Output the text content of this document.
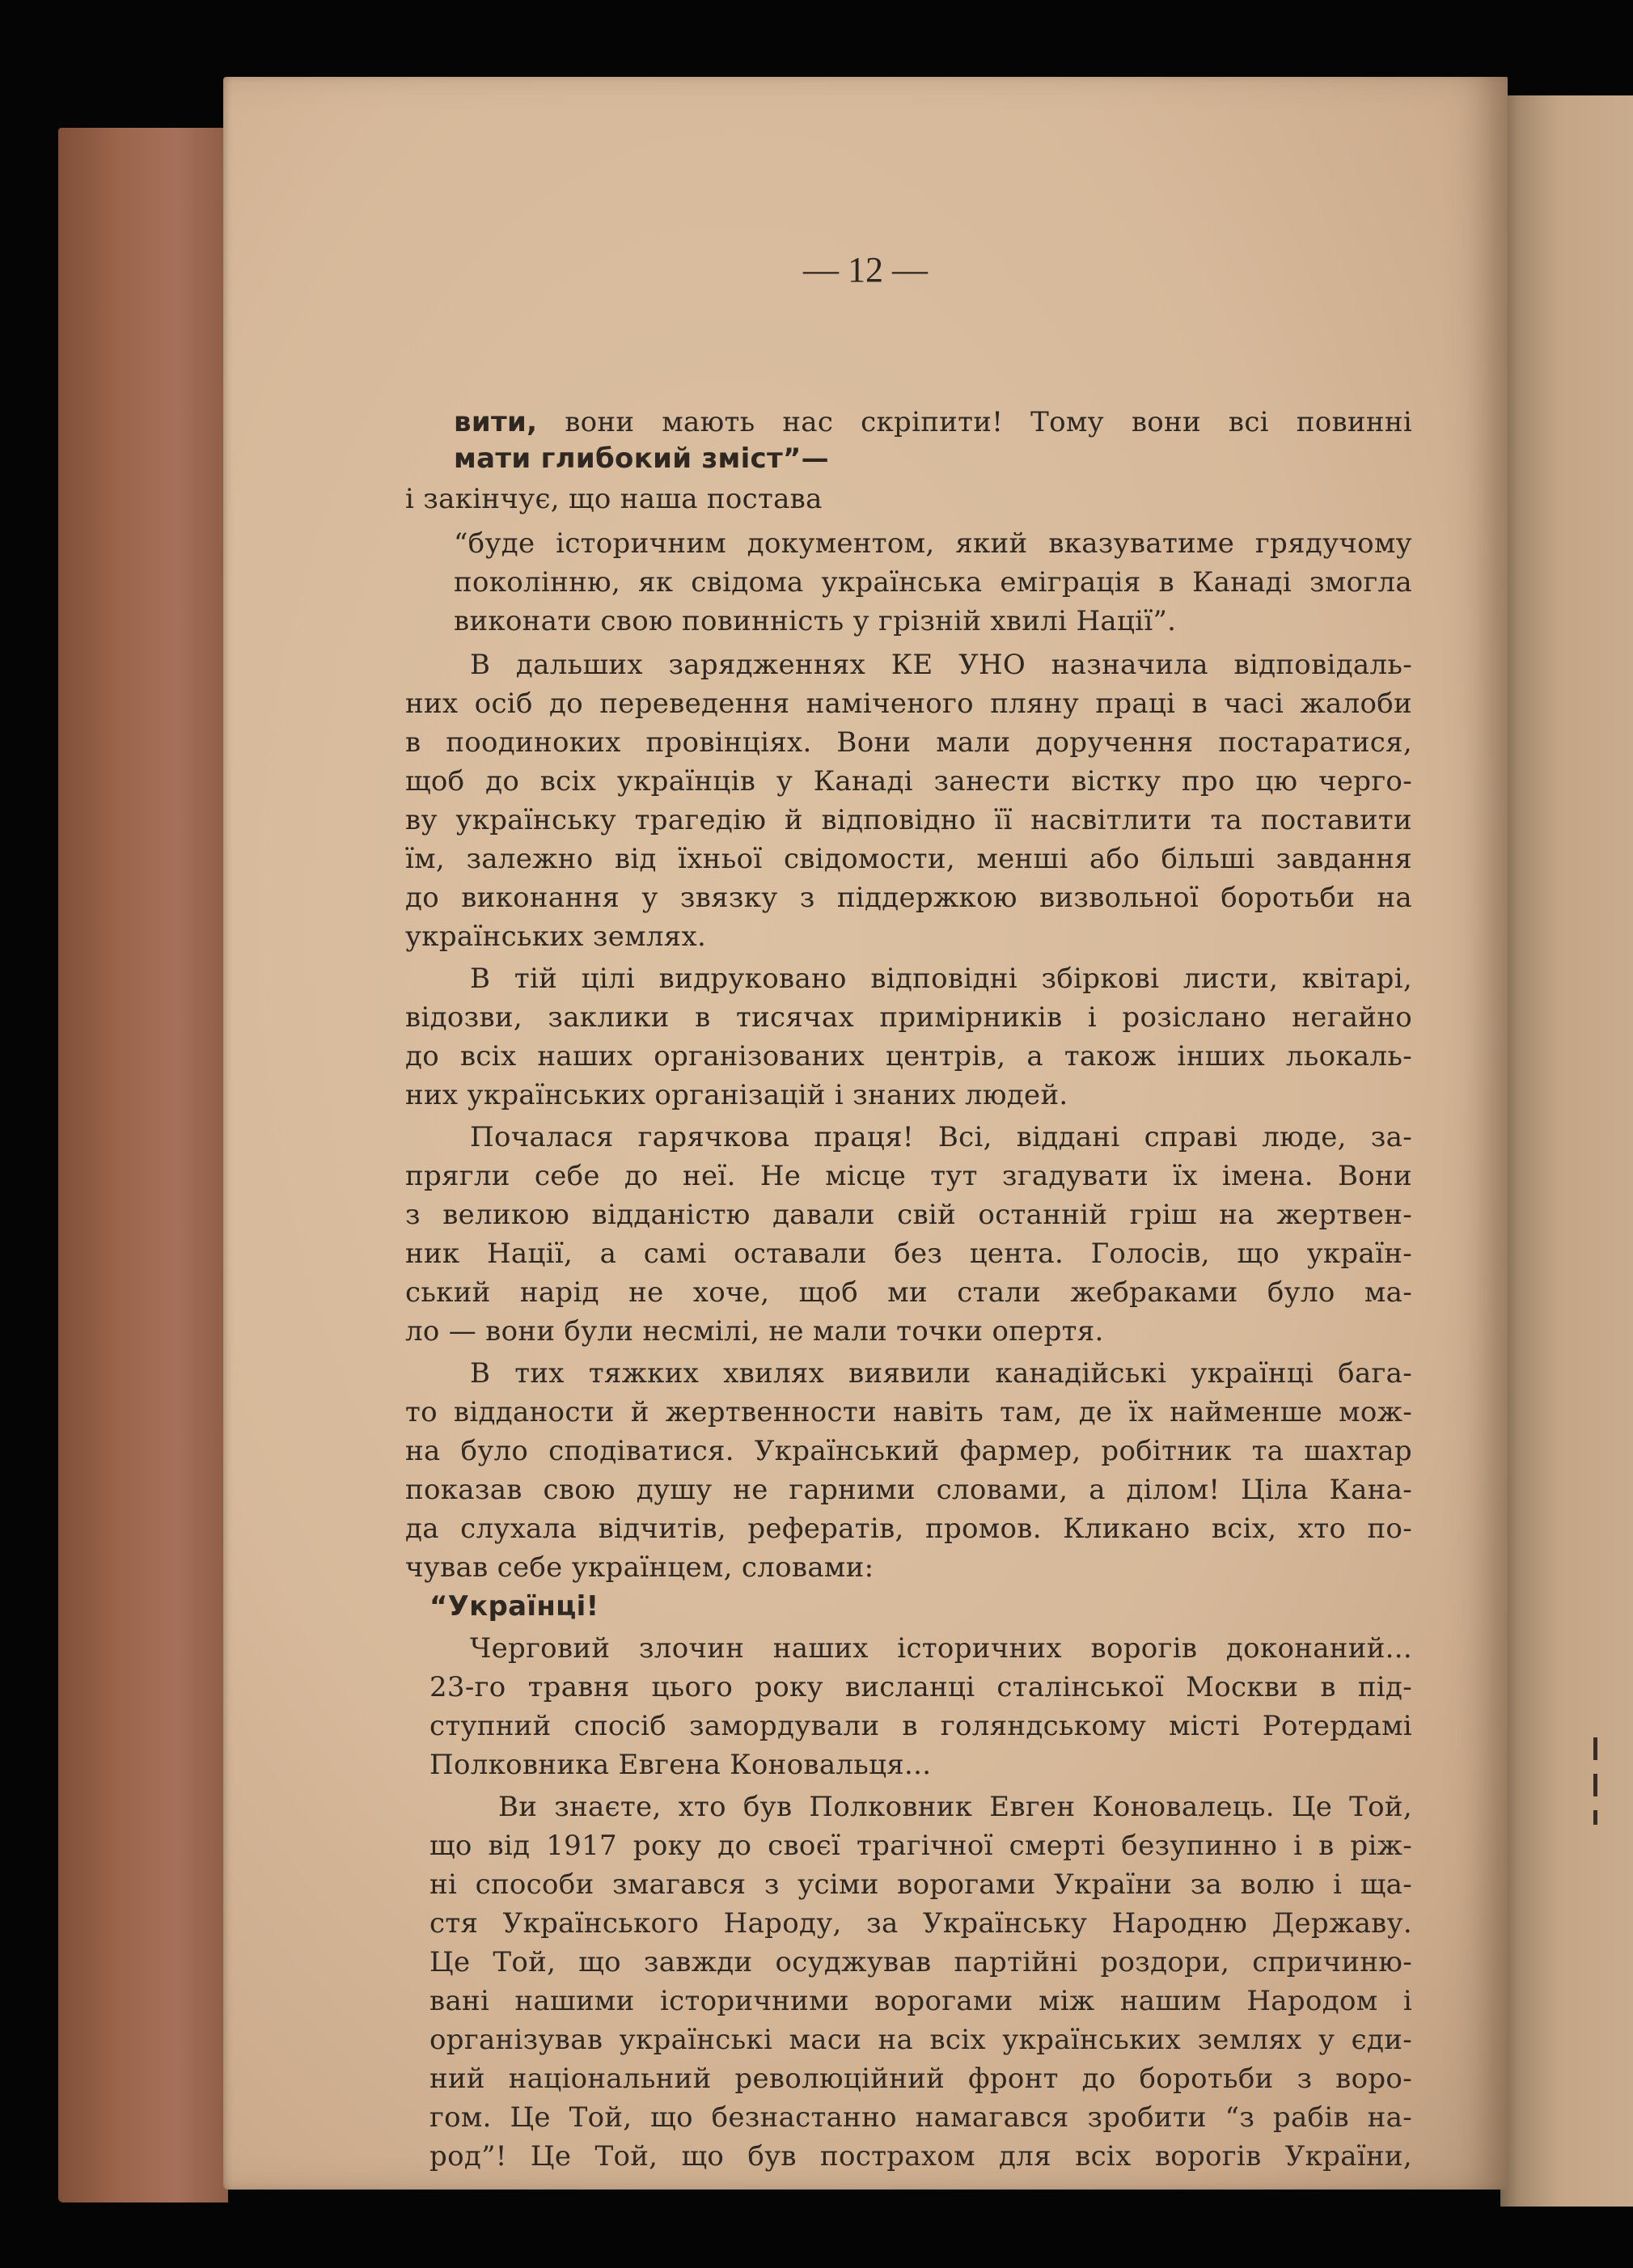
— 12 —
вити, вони мають нас скріпити! Тому вони всі повинні
мати глибокий зміст”—
і закінчує, що наша постава
“буде історичним документом, який вказуватиме грядучому
поколінню, як свідома українська еміграція в Канаді змогла
виконати свою повинність у грізній хвилі Нації”.
В дальших зарядженнях КЕ УНО назначила відповідаль-
них осіб до переведення наміченого пляну праці в часі жалоби
в поодиноких провінціях. Вони мали доручення постаратися,
щоб до всіх українців у Канаді занести вістку про цю черго-
ву українську трагедію й відповідно її насвітлити та поставити
їм, залежно від їхньої свідомости, менші або більші завдання
до виконання у звязку з піддержкою визвольної боротьби на
українських землях.
В тій цілі видруковано відповідні збіркові листи, квітарі,
відозви, заклики в тисячах примірників і розіслано негайно
до всіх наших організованих центрів, а також інших льокаль-
них українських організацій і знаних людей.
Почалася гарячкова праця! Всі, віддані справі люде, за-
прягли себе до неї. Не місце тут згадувати їх імена. Вони
з великою відданістю давали свій останній гріш на жертвен-
ник Нації, а самі оставали без цента. Голосів, що україн-
ський нарід не хоче, щоб ми стали жебраками було ма-
ло — вони були несмілі, не мали точки опертя.
В тих тяжких хвилях виявили канадійські українці бага-
то відданости й жертвенности навіть там, де їх найменше мож-
на було сподіватися. Український фармер, робітник та шахтар
показав свою душу не гарними словами, а ділом! Ціла Кана-
да слухала відчитів, рефератів, промов. Кликано всіх, хто по-
чував себе українцем, словами:
“Українці!
Черговий злочин наших історичних ворогів доконаний...
23-го травня цього року висланці сталінської Москви в під-
ступний спосіб замордували в голяндському місті Ротердамі
Полковника Евгена Коновальця...
Ви знаєте, хто був Полковник Евген Коновалець. Це Той,
що від 1917 року до своєї трагічної смерті безупинно і в ріж-
ні способи змагався з усіми ворогами України за волю і ща-
стя Українського Народу, за Українську Народню Державу.
Це Той, що завжди осуджував партійні роздори, спричиню-
вані нашими історичними ворогами між нашим Народом і
організував українські маси на всіх українських землях у єди-
ний національний революційний фронт до боротьби з воро-
гом. Це Той, що безнастанно намагався зробити “з рабів на-
род”! Це Той, що був пострахом для всіх ворогів України,
